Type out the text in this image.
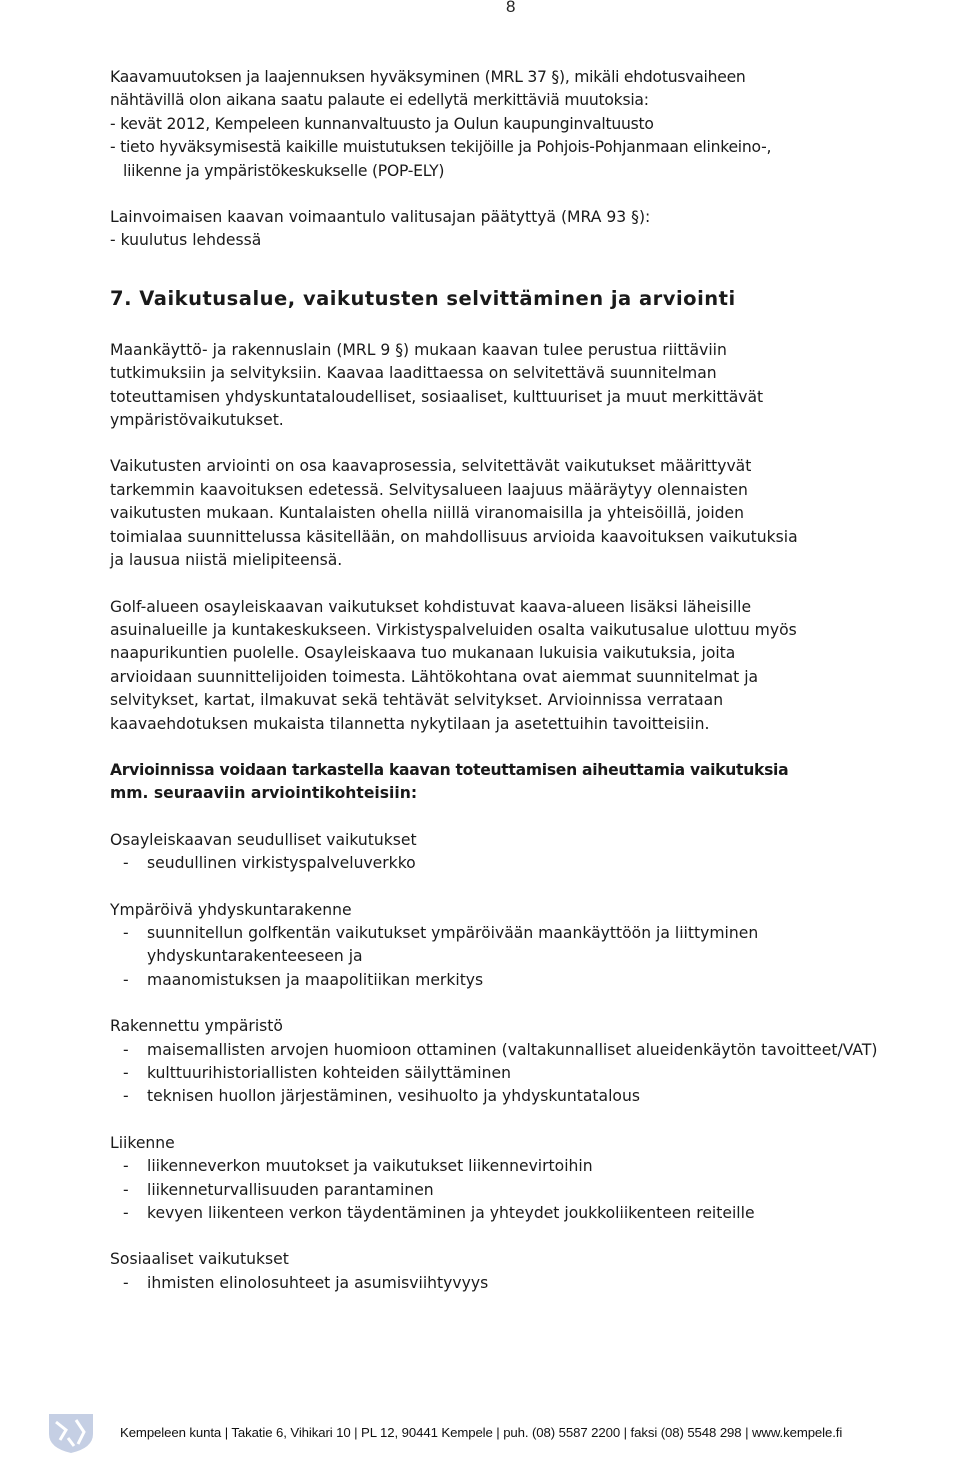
8

Kaavamuutoksen ja laajennuksen hyväksyminen (MRL 37 §), mikäli ehdotusvaiheen

nähtävillä olon aikana saatu palaute ei edellytä merkittäviä muutoksia:

- kevät 2012, Kempeleen kunnanvaltuusto ja Oulun kaupunginvaltuusto

- tieto hyväksymisestä kaikille muistutuksen tekijöille ja Pohjois-Pohjanmaan elinkeino-,

liikenne ja ympäristökeskukselle (POP-ELY)

Lainvoimaisen kaavan voimaantulo valitusajan päätyttyä (MRA 93 §):

- kuulutus lehdessä

7. Vaikutusalue, vaikutusten selvittäminen ja arviointi

Maankäyttö- ja rakennuslain (MRL 9 §) mukaan kaavan tulee perustua riittäviin

tutkimuksiin ja selvityksiin. Kaavaa laadittaessa on selvitettävä suunnitelman

toteuttamisen yhdyskuntataloudelliset, sosiaaliset, kulttuuriset ja muut merkittävät

ympäristövaikutukset.

Vaikutusten arviointi on osa kaavaprosessia, selvitettävät vaikutukset määrittyvät

tarkemmin kaavoituksen edetessä. Selvitysalueen laajuus määräytyy olennaisten

vaikutusten mukaan. Kuntalaisten ohella niillä viranomaisilla ja yhteisöillä, joiden

toimialaa suunnittelussa käsitellään, on mahdollisuus arvioida kaavoituksen vaikutuksia

ja lausua niistä mielipiteensä.

Golf-alueen osayleiskaavan vaikutukset kohdistuvat kaava-alueen lisäksi läheisille

asuinalueille ja kuntakeskukseen. Virkistyspalveluiden osalta vaikutusalue ulottuu myös

naapurikuntien puolelle. Osayleiskaava tuo mukanaan lukuisia vaikutuksia, joita

arvioidaan suunnittelijoiden toimesta. Lähtökohtana ovat aiemmat suunnitelmat ja

selvitykset, kartat, ilmakuvat sekä tehtävät selvitykset. Arvioinnissa verrataan

kaavaehdotuksen mukaista tilannetta nykytilaan ja asetettuihin tavoitteisiin.

Arvioinnissa voidaan tarkastella kaavan toteuttamisen aiheuttamia vaikutuksia

mm. seuraaviin arviointikohteisiin:

Osayleiskaavan seudulliset vaikutukset

-	seudullinen virkistyspalveluverkko

Ympäröivä yhdyskuntarakenne

-	suunnitellun golfkentän vaikutukset ympäröivään maankäyttöön ja liittyminen yhdyskuntarakenteeseen ja
-	maanomistuksen ja maapolitiikan merkitys

Rakennettu ympäristö

-	maisemallisten arvojen huomioon ottaminen (valtakunnalliset alueidenkäytön tavoitteet/VAT)
-	kulttuurihistoriallisten kohteiden säilyttäminen
-	teknisen huollon järjestäminen, vesihuolto ja yhdyskuntatalous

Liikenne

-	liikenneverkon muutokset ja vaikutukset liikennevirtoihin
-	liikenneturvallisuuden parantaminen
-	kevyen liikenteen verkon täydentäminen ja yhteydet joukkoliikenteen reiteille

Sosiaaliset vaikutukset

-	ihmisten elinolosuhteet ja asumisviihtyvyys
Kempeleen kunta | Takatie 6, Vihikari 10 | PL 12, 90441 Kempele | puh. (08) 5587 2200 | faksi (08) 5548 298 | www.kempele.fi
